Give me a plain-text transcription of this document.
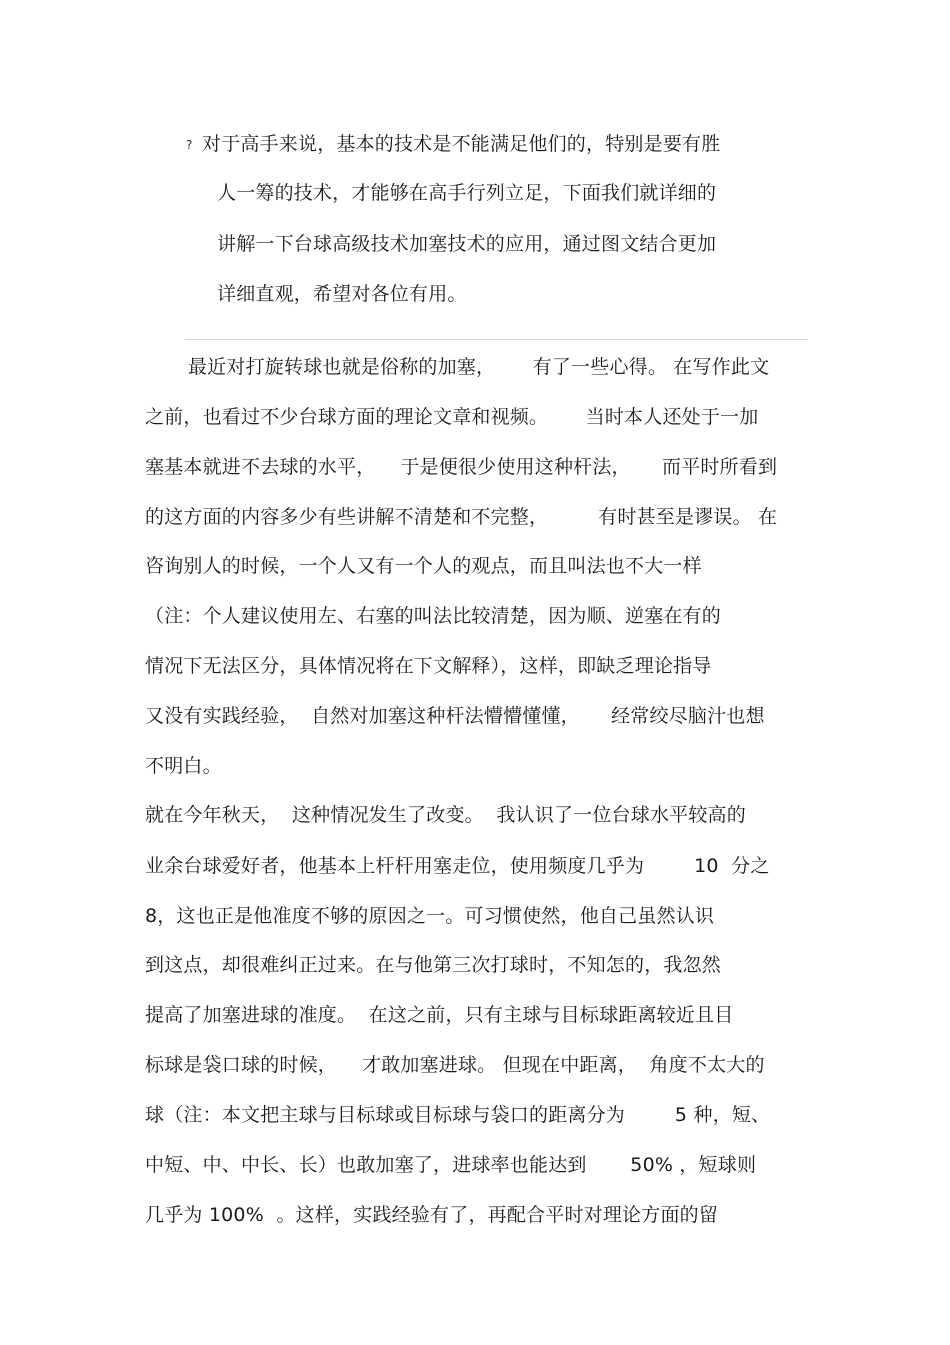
? 对于高手来说，基本的技术是不能满足他们的，特别是要有胜
人一筹的技术，才能够在高手行列立足，下面我们就详细的
讲解一下台球高级技术加塞技术的应用，通过图文结合更加
详细直观，希望对各位有用。
最近对打旋转球也就是俗称的加塞，      有了一些心得。 在写作此文
之前，也看过不少台球方面的理论文章和视频。      当时本人还处于一加
塞基本就进不去球的水平，    于是便很少使用这种杆法，     而平时所看到
的这方面的内容多少有些讲解不清楚和不完整，        有时甚至是谬误。 在
咨询别人的时候，一个人又有一个人的观点，而且叫法也不大一样
（注：个人建议使用左、右塞的叫法比较清楚，因为顺、逆塞在有的
情况下无法区分，具体情况将在下文解释），这样，即缺乏理论指导
又没有实践经验，  自然对加塞这种杆法懵懵懂懂，     经常绞尽脑汁也想
不明白。
就在今年秋天，  这种情况发生了改变。  我认识了一位台球水平较高的
业余台球爱好者，他基本上杆杆用塞走位，使用频度几乎为        10  分之
8，这也正是他准度不够的原因之一。可习惯使然，他自己虽然认识
到这点，却很难纠正过来。在与他第三次打球时，不知怎的，我忽然
提高了加塞进球的准度。  在这之前，只有主球与目标球距离较近且目
标球是袋口球的时候，    才敢加塞进球。 但现在中距离，  角度不太大的
球（注：本文把主球与目标球或目标球与袋口的距离分为        5 种，短、
中短、中、中长、长）也敢加塞了，进球率也能达到       50% ，短球则
几乎为 100%  。这样，实践经验有了，再配合平时对理论方面的留
